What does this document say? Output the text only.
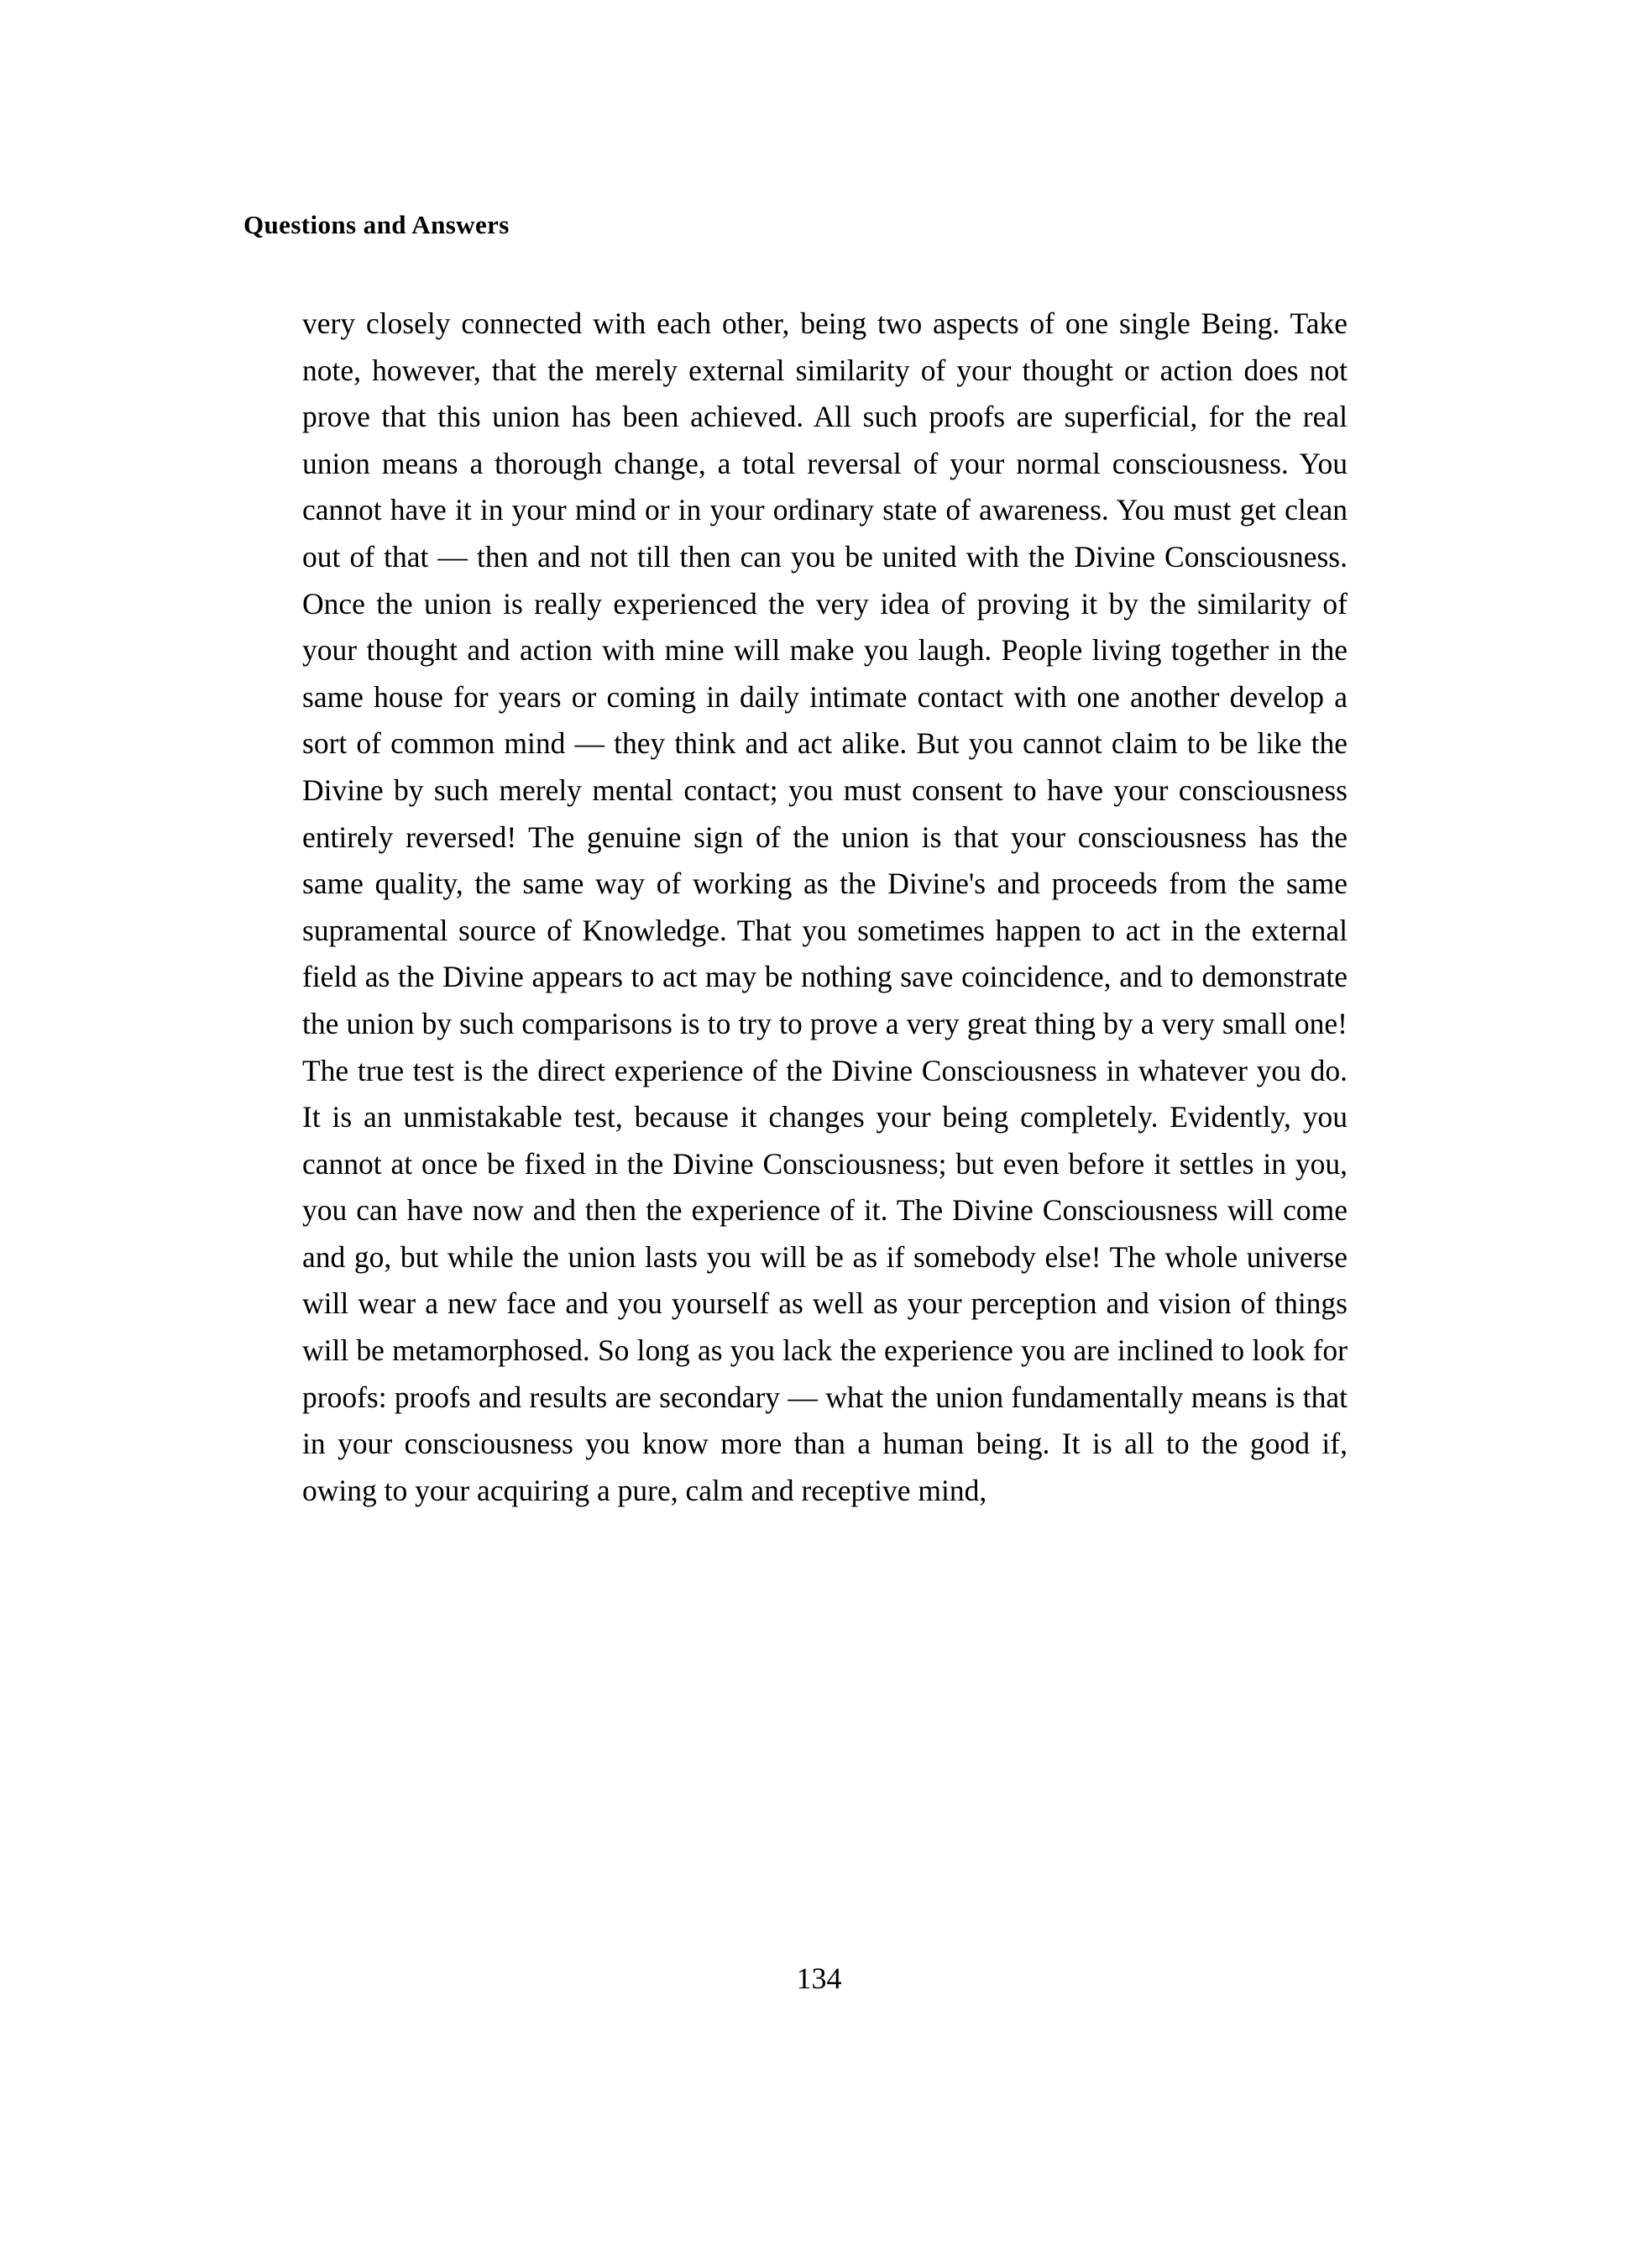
Questions and Answers

very closely connected with each other, being two aspects of one single Being. Take note, however, that the merely external similarity of your thought or action does not prove that this union has been achieved. All such proofs are superficial, for the real union means a thorough change, a total reversal of your normal consciousness. You cannot have it in your mind or in your ordinary state of awareness. You must get clean out of that — then and not till then can you be united with the Divine Consciousness. Once the union is really experienced the very idea of proving it by the similarity of your thought and action with mine will make you laugh. People living together in the same house for years or coming in daily intimate contact with one another develop a sort of common mind — they think and act alike. But you cannot claim to be like the Divine by such merely mental contact; you must consent to have your consciousness entirely reversed! The genuine sign of the union is that your consciousness has the same quality, the same way of working as the Divine's and proceeds from the same supramental source of Knowledge. That you sometimes happen to act in the external field as the Divine appears to act may be nothing save coincidence, and to demonstrate the union by such comparisons is to try to prove a very great thing by a very small one! The true test is the direct experience of the Divine Consciousness in whatever you do. It is an unmistakable test, because it changes your being completely. Evidently, you cannot at once be fixed in the Divine Consciousness; but even before it settles in you, you can have now and then the experience of it. The Divine Consciousness will come and go, but while the union lasts you will be as if somebody else! The whole universe will wear a new face and you yourself as well as your perception and vision of things will be metamorphosed. So long as you lack the experience you are inclined to look for proofs: proofs and results are secondary — what the union fundamentally means is that in your consciousness you know more than a human being. It is all to the good if, owing to your acquiring a pure, calm and receptive mind,

134
